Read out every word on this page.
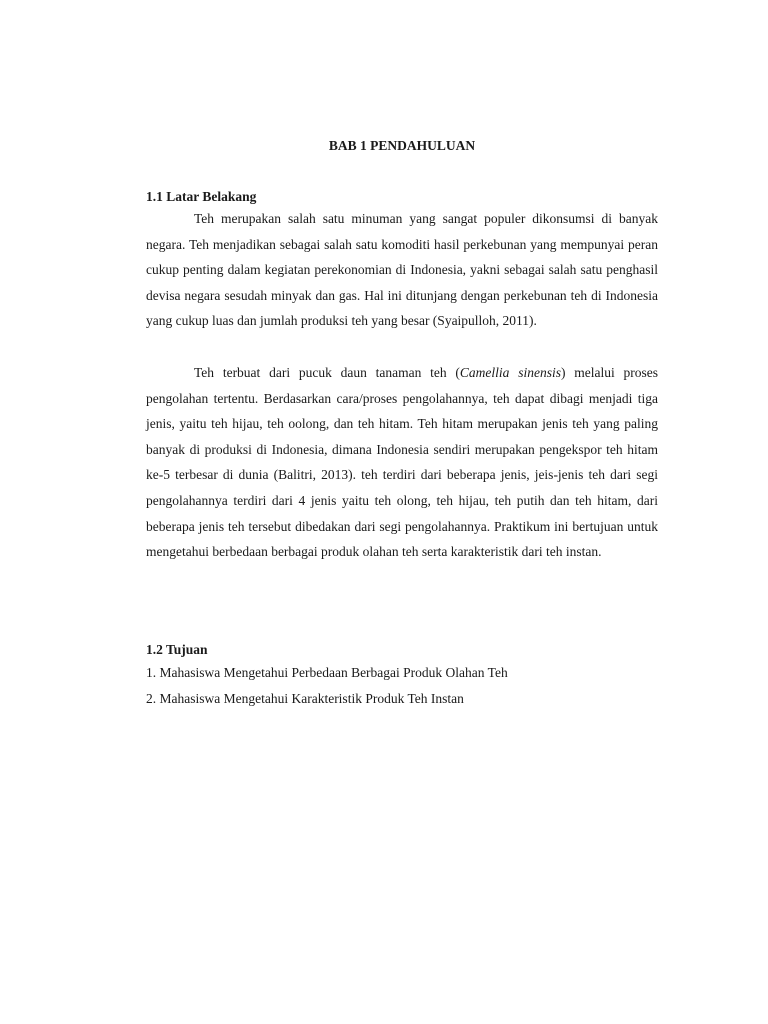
BAB 1 PENDAHULUAN
1.1 Latar Belakang

Teh merupakan salah satu minuman yang sangat populer dikonsumsi di banyak negara. Teh menjadikan sebagai salah satu komoditi hasil perkebunan yang mempunyai peran cukup penting dalam kegiatan perekonomian di Indonesia, yakni sebagai salah satu penghasil devisa negara sesudah minyak dan gas. Hal ini ditunjang dengan perkebunan teh di Indonesia yang cukup luas dan jumlah produksi teh yang besar (Syaipulloh, 2011).

Teh terbuat dari pucuk daun tanaman teh (Camellia sinensis) melalui proses pengolahan tertentu. Berdasarkan cara/proses pengolahannya, teh dapat dibagi menjadi tiga jenis, yaitu teh hijau, teh oolong, dan teh hitam. Teh hitam merupakan jenis teh yang paling banyak di produksi di Indonesia, dimana Indonesia sendiri merupakan pengekspor teh hitam ke-5 terbesar di dunia (Balitri, 2013). teh terdiri dari beberapa jenis, jeis-jenis teh dari segi pengolahannya terdiri dari 4 jenis yaitu teh olong, teh hijau, teh putih dan teh hitam, dari beberapa jenis teh tersebut dibedakan dari segi pengolahannya. Praktikum ini bertujuan untuk mengetahui berbedaan berbagai produk olahan teh serta karakteristik dari teh instan.

1.2 Tujuan
1. Mahasiswa Mengetahui Perbedaan Berbagai Produk Olahan Teh
2. Mahasiswa Mengetahui Karakteristik Produk Teh Instan
